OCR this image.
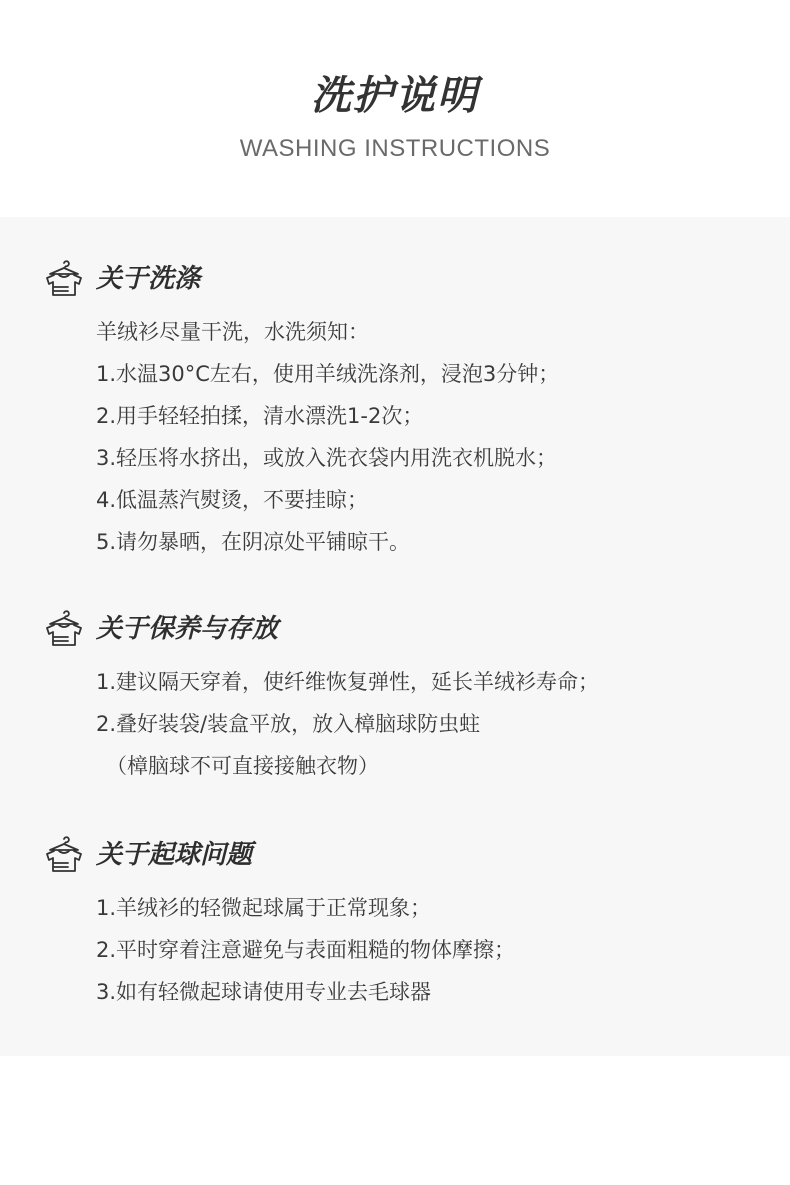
洗护说明
WASHING INSTRUCTIONS
关于洗涤
羊绒衫尽量干洗，水洗须知：
1.水温30°C左右，使用羊绒洗涤剂，浸泡3分钟；
2.用手轻轻拍揉，清水漂洗1-2次；
3.轻压将水挤出，或放入洗衣袋内用洗衣机脱水；
4.低温蒸汽熨烫，不要挂晾；
5.请勿暴晒，在阴凉处平铺晾干。
关于保养与存放
1.建议隔天穿着，使纤维恢复弹性，延长羊绒衫寿命；
2.叠好装袋/装盒平放，放入樟脑球防虫蛀
（樟脑球不可直接接触衣物）
关于起球问题
1.羊绒衫的轻微起球属于正常现象；
2.平时穿着注意避免与表面粗糙的物体摩擦；
3.如有轻微起球请使用专业去毛球器
